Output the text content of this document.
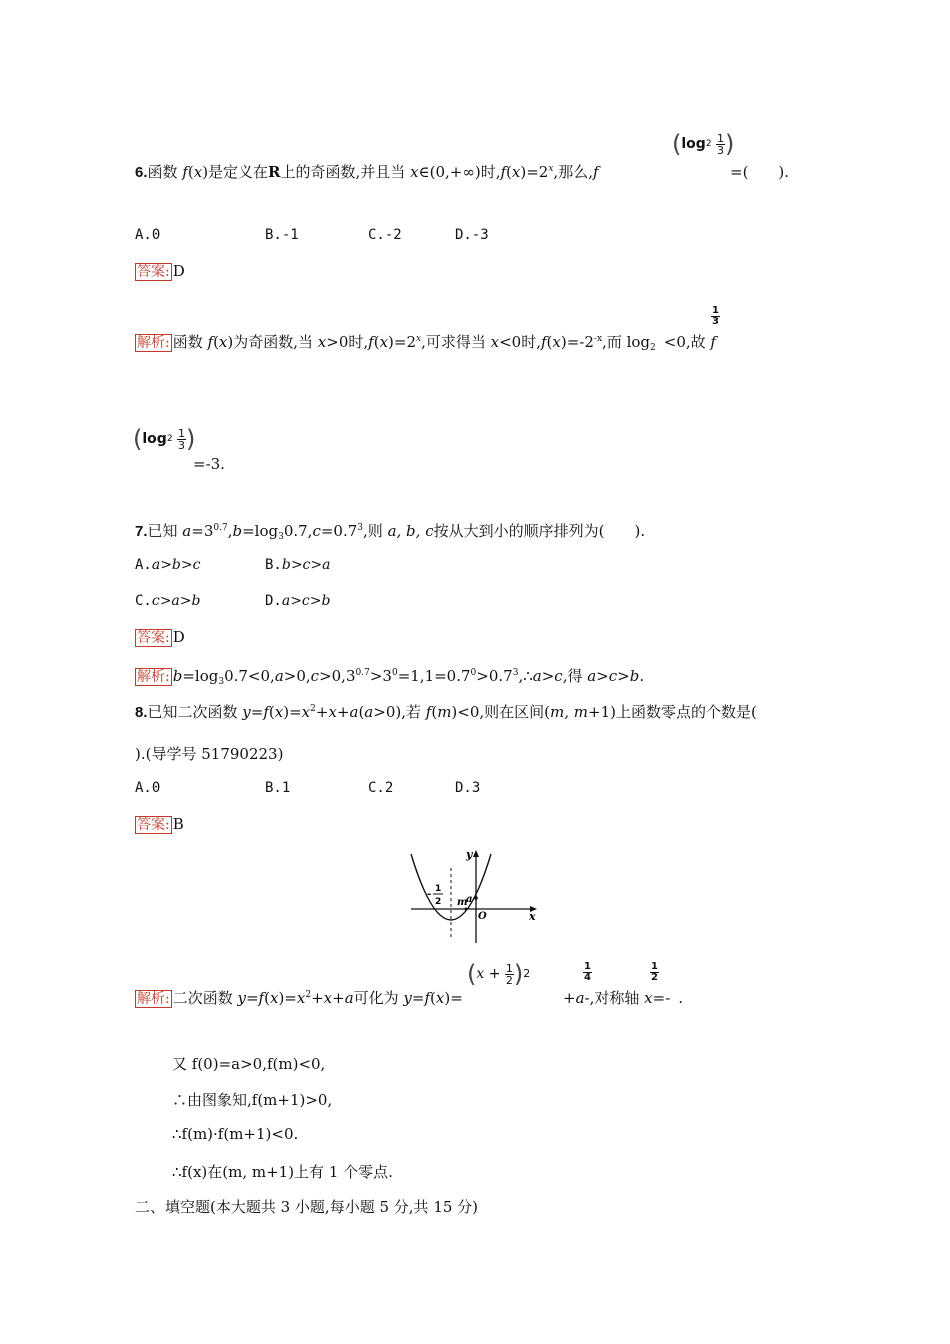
6.函数 f(x)是定义在R上的奇函数,并且当 x∈(0,+∞)时$,f(x)=2^x$,那么,f
( log 2
$\frac{1}{3}$ )
=(　　).
A.0	B.-1	C.-2	D.-3
答案: D
解析: 函数 f(x)为奇函数,当 x>0时$,f(x)=2^x$,可求得当 x<0时$,f(x)=-2^{-x}$,而 $\log_2 <0$,故 f
$\frac{1}{3}$
( log 2
$\frac{1}{3}$ )
=-3.
7.已知 $a=3^{0.7},b=\log_30.7,c=0.7^3$,则 a, b, c按从大到小的顺序排列为(　　).
A.a>b>c	B.b>c>a
C.c>a>b	D.a>c>b
答案: D
解析: $b=\log_30.7<0,a>0,c>0,3^{0.7}>3^0=1,1=0.7^0>0.7^3,\therefore a>c$,得 a>c>b.
8.已知二次函数 $y=f(x)=x^2+x+a(a>0)$,若 f(m)<0,则在区间(m, m+1)上函数零点的个数是(
).(导学号 51790223)
A.0	B.1	C.2	D.3
答案: B
y
x
O
- 1
2 m
a
解析: 二次函数 $y=f(x)=x^2+x+a$可化为 y=f(x)=
( x
+
$\frac{1}{2}$ ) 2	$\frac{1}{4}$
+a-,对称轴 x=- .
$\frac{1}{2}$
又 f(0)=a>0,f(m)<0,
∴由图象知,f(m+1)>0,
∴f(m)·f(m+1)<0.
∴f(x)在(m, m+1)上有 1 个零点.
二、填空题(本大题共 3 小题,每小题 5 分,共 15 分)
